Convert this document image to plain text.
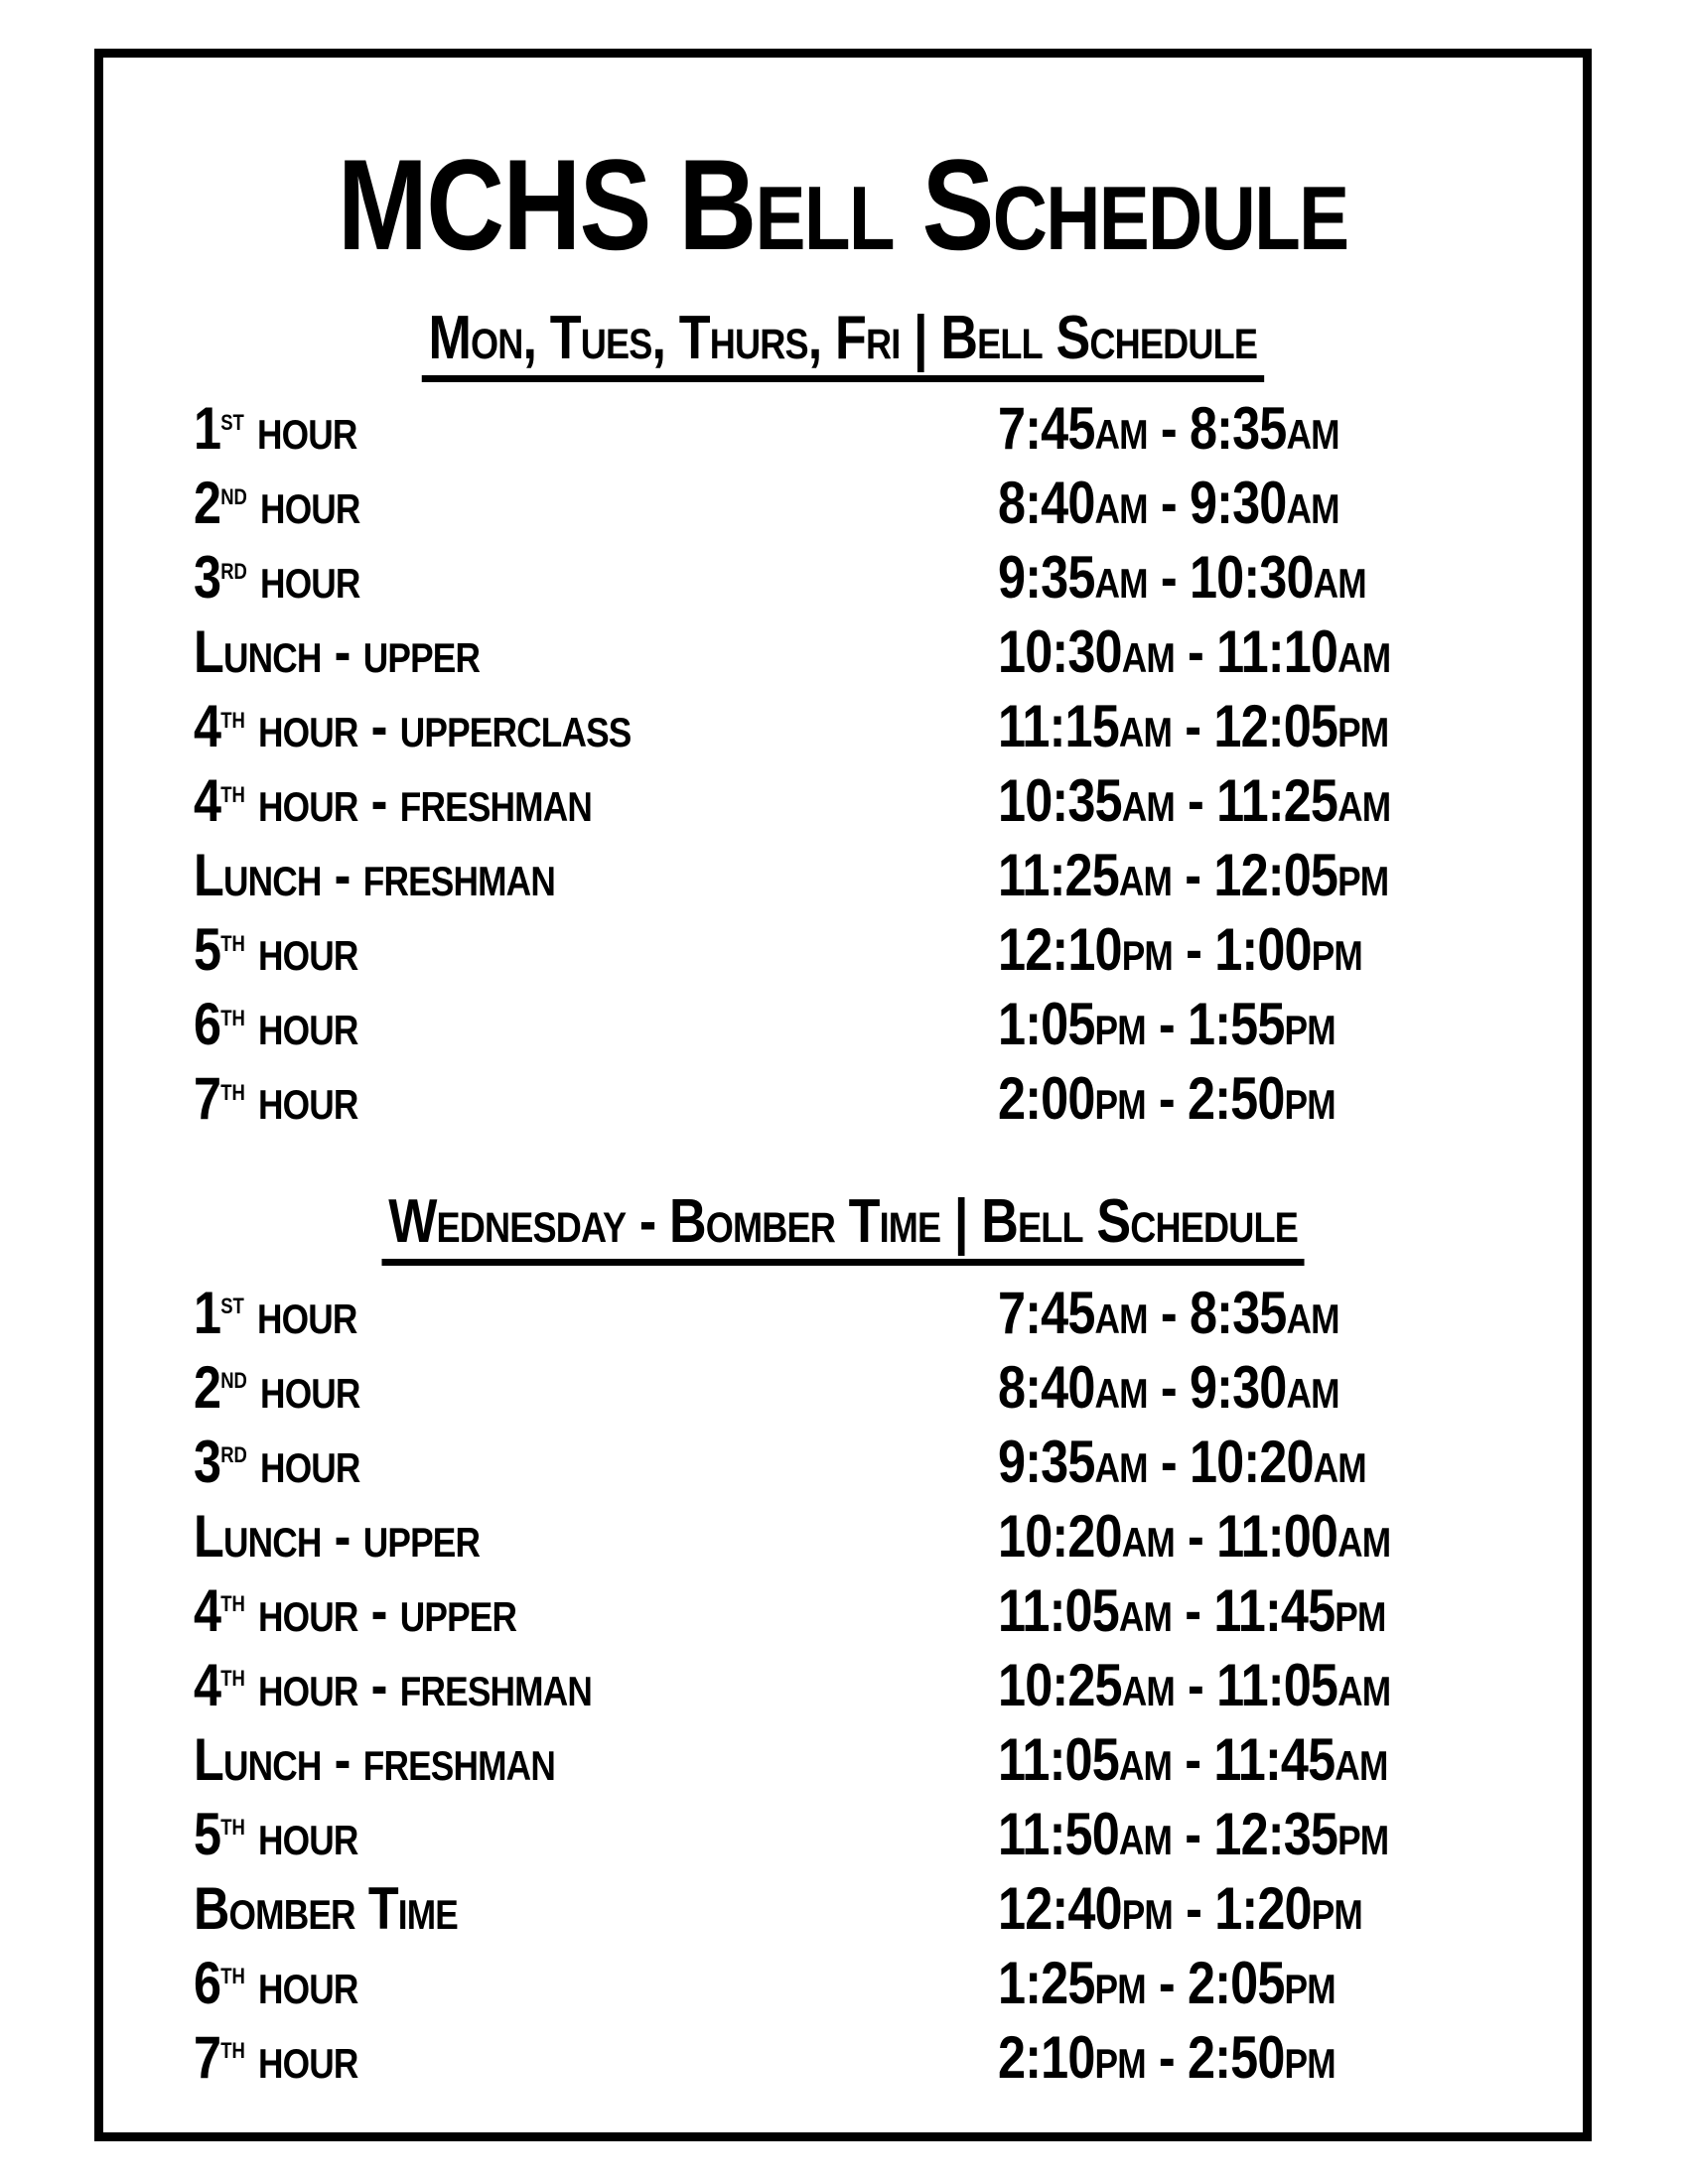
MCHS Bell Schedule
Mon, Tues, Thurs, Fri | Bell Schedule
1st hour	7:45am - 8:35am
2nd hour	8:40am - 9:30am
3rd hour	9:35am - 10:30am
Lunch - upper	10:30am - 11:10am
4th hour - upperclass	11:15am - 12:05pm
4th hour - freshman	10:35am - 11:25am
Lunch - freshman	11:25am - 12:05pm
5th hour	12:10pm - 1:00pm
6th hour	1:05pm - 1:55pm
7th hour	2:00pm - 2:50pm
Wednesday - Bomber Time | Bell Schedule
1st hour	7:45am - 8:35am
2nd hour	8:40am - 9:30am
3rd hour	9:35am - 10:20am
Lunch - upper	10:20am - 11:00am
4th hour - upper	11:05am - 11:45pm
4th hour - freshman	10:25am - 11:05am
Lunch - freshman	11:05am - 11:45am
5th hour	11:50am - 12:35pm
Bomber Time	12:40pm - 1:20pm
6th hour	1:25pm - 2:05pm
7th hour	2:10pm - 2:50pm
